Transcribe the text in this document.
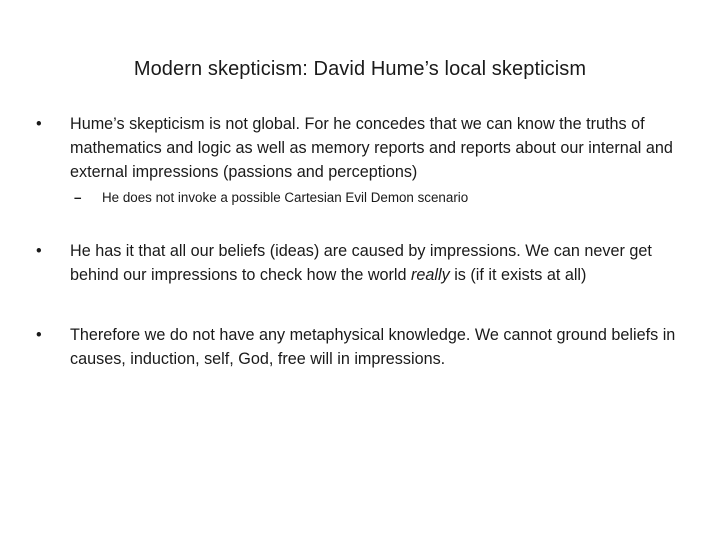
Modern skepticism: David Hume’s local skepticism
•	Hume’s skepticism is not global. For he concedes that we can know the truths of mathematics and logic as well as memory reports and reports about our internal and external impressions (passions and perceptions)
–	He does not invoke a possible Cartesian Evil Demon scenario
•	He has it that all our beliefs (ideas) are caused by impressions. We can never get behind our impressions to check how the world really is (if it exists at all)
•	Therefore we do not have any metaphysical knowledge. We cannot ground beliefs in causes, induction, self, God, free will in impressions.
